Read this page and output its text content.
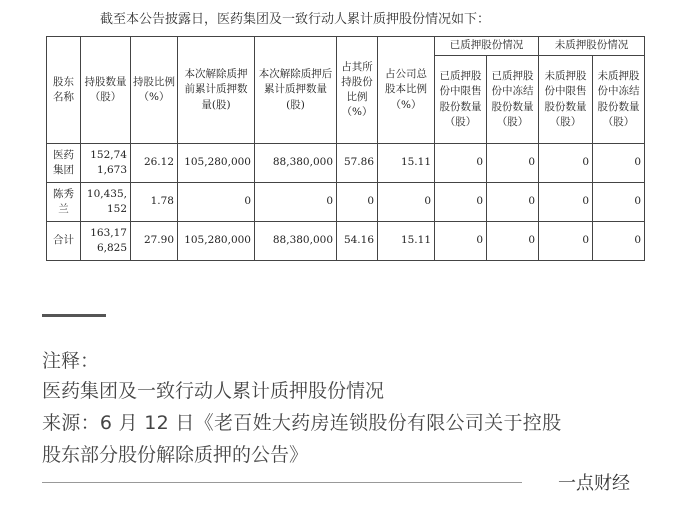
截至本公告披露日，医药集团及一致行动人累计质押股份情况如下：
股东名称	持股数量（股）	持股比例（%）	本次解除质押前累计质押数量(股)	本次解除质押后累计质押数量(股)	占其所持股份比例（%）	占公司总股本比例（%）	已质押股份情况		未质押股份情况	
							已质押股份中限售股份数量（股）	已质押股份中冻结股份数量（股）	未质押股份中限售股份数量（股）	未质押股份中冻结股份数量（股）
医药集团	152,741,673	26.12	105,280,000	88,380,000	57.86	15.11	0	0	0	0
陈秀兰	10,435,152	1.78	0	0	0	0	0	0	0	0
合计	163,176,825	27.90	105,280,000	88,380,000	54.16	15.11	0	0	0	0
注释：
医药集团及一致行动人累计质押股份情况
来源：6 月 12 日《老百姓大药房连锁股份有限公司关于控股
股东部分股份解除质押的公告》
一点财经
